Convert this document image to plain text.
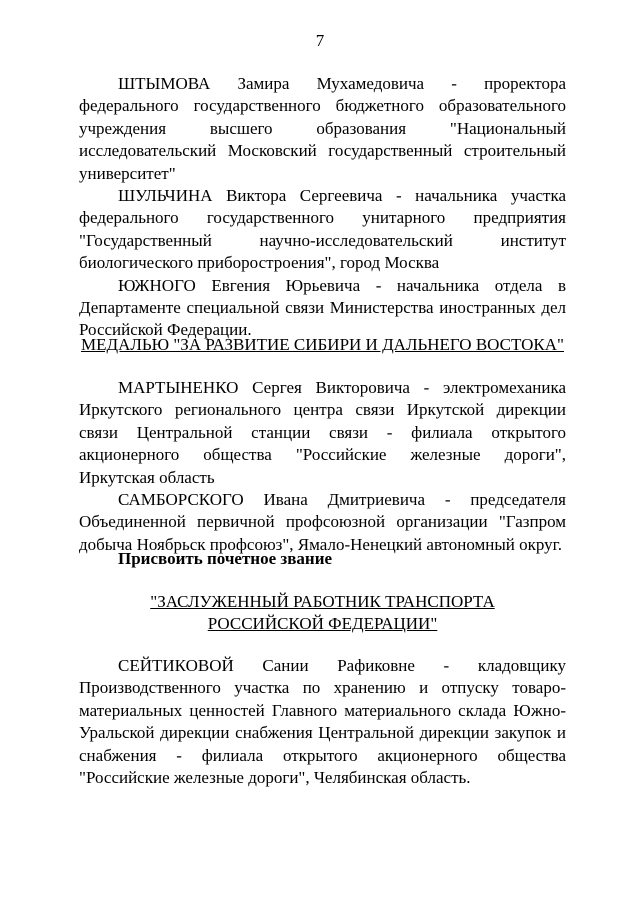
7

ШТЫМОВА Замира Мухамедовича - проректора федерального государственного бюджетного образовательного учреждения высшего образования "Национальный исследовательский Московский государственный строительный университет"

ШУЛЬЧИНА Виктора Сергеевича - начальника участка федерального государственного унитарного предприятия "Государственный научно-исследовательский институт биологического приборостроения", город Москва

ЮЖНОГО Евгения Юрьевича - начальника отдела в Департаменте специальной связи Министерства иностранных дел Российской Федерации.

МЕДАЛЬЮ "ЗА РАЗВИТИЕ СИБИРИ И ДАЛЬНЕГО ВОСТОКА"

МАРТЫНЕНКО Сергея Викторовича - электромеханика Иркутского регионального центра связи Иркутской дирекции связи Центральной станции связи - филиала открытого акционерного общества "Российские железные дороги", Иркутская область

САМБОРСКОГО Ивана Дмитриевича - председателя Объединенной первичной профсоюзной организации "Газпром добыча Ноябрьск профсоюз", Ямало-Ненецкий автономный округ.

Присвоить почетное звание

"ЗАСЛУЖЕННЫЙ РАБОТНИК ТРАНСПОРТА

РОССИЙСКОЙ ФЕДЕРАЦИИ"

СЕЙТИКОВОЙ Сании Рафиковне - кладовщику Производственного участка по хранению и отпуску товаро-материальных ценностей Главного материального склада Южно-Уральской дирекции снабжения Центральной дирекции закупок и снабжения - филиала открытого акционерного общества "Российские железные дороги", Челябинская область.
